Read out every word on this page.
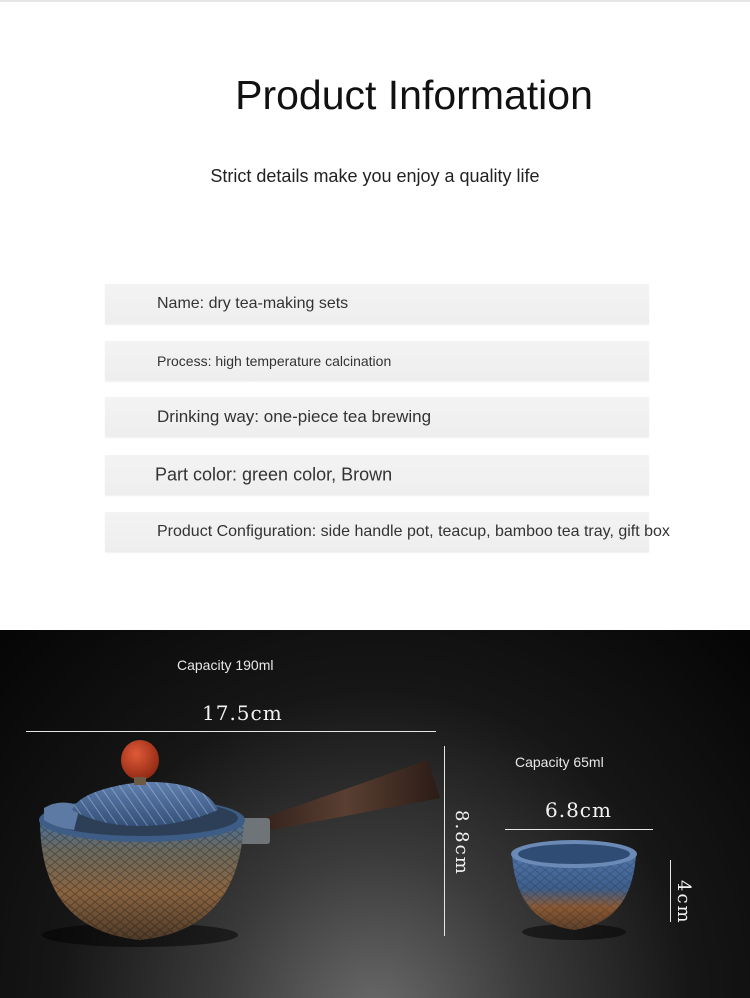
Product Information
Strict details make you enjoy a quality life
Name: dry tea-making sets
Process: high temperature calcination
Drinking way: one-piece tea brewing
Part color: green color, Brown
Product Configuration: side handle pot, teacup, bamboo tea tray, gift box
Capacity 190ml
17.5cm
8.8cm
Capacity 65ml
6.8cm
4cm
